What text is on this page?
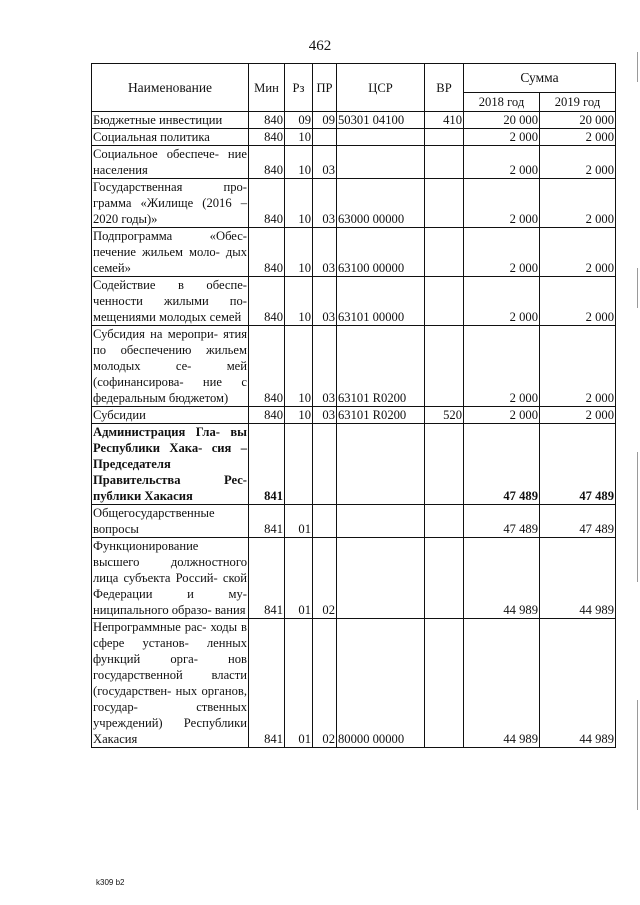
462
Наименование	Мин	Рз	ПР	ЦСР	ВР	Сумма	
						2018 год	2019 год
Бюджетные инвестиции	840	09	09	50301 04100	410	20 000	20 000
Социальная политика	840	10				2 000	2 000
Социальное обеспече- ние населения	840	10	03			2 000	2 000
Государственная про- грамма «Жилище (2016 – 2020 годы)»	840	10	03	63000 00000		2 000	2 000
Подпрограмма «Обес- печение жильем моло- дых семей»	840	10	03	63100 00000		2 000	2 000
Содействие в обеспе- ченности жилыми по- мещениями молодых семей	840	10	03	63101 00000		2 000	2 000
Субсидия на меропри- ятия по обеспечению жильем молодых се- мей (софинансирова- ние с федеральным бюджетом)	840	10	03	63101 R0200		2 000	2 000
Субсидии	840	10	03	63101 R0200	520	2 000	2 000
Администрация Гла- вы Республики Хака- сия – Председателя Правительства Рес- публики Хакасия	841					47 489	47 489
Общегосударственные вопросы	841	01				47 489	47 489
Функционирование высшего должностного лица субъекта Россий- ской Федерации и му- ниципального образо- вания	841	01	02			44 989	44 989
Непрограммные рас- ходы в сфере установ- ленных функций орга- нов государственной власти (государствен- ных органов, государ- ственных учреждений) Республики Хакасия	841	01	02	80000 00000		44 989	44 989
k309 b2
